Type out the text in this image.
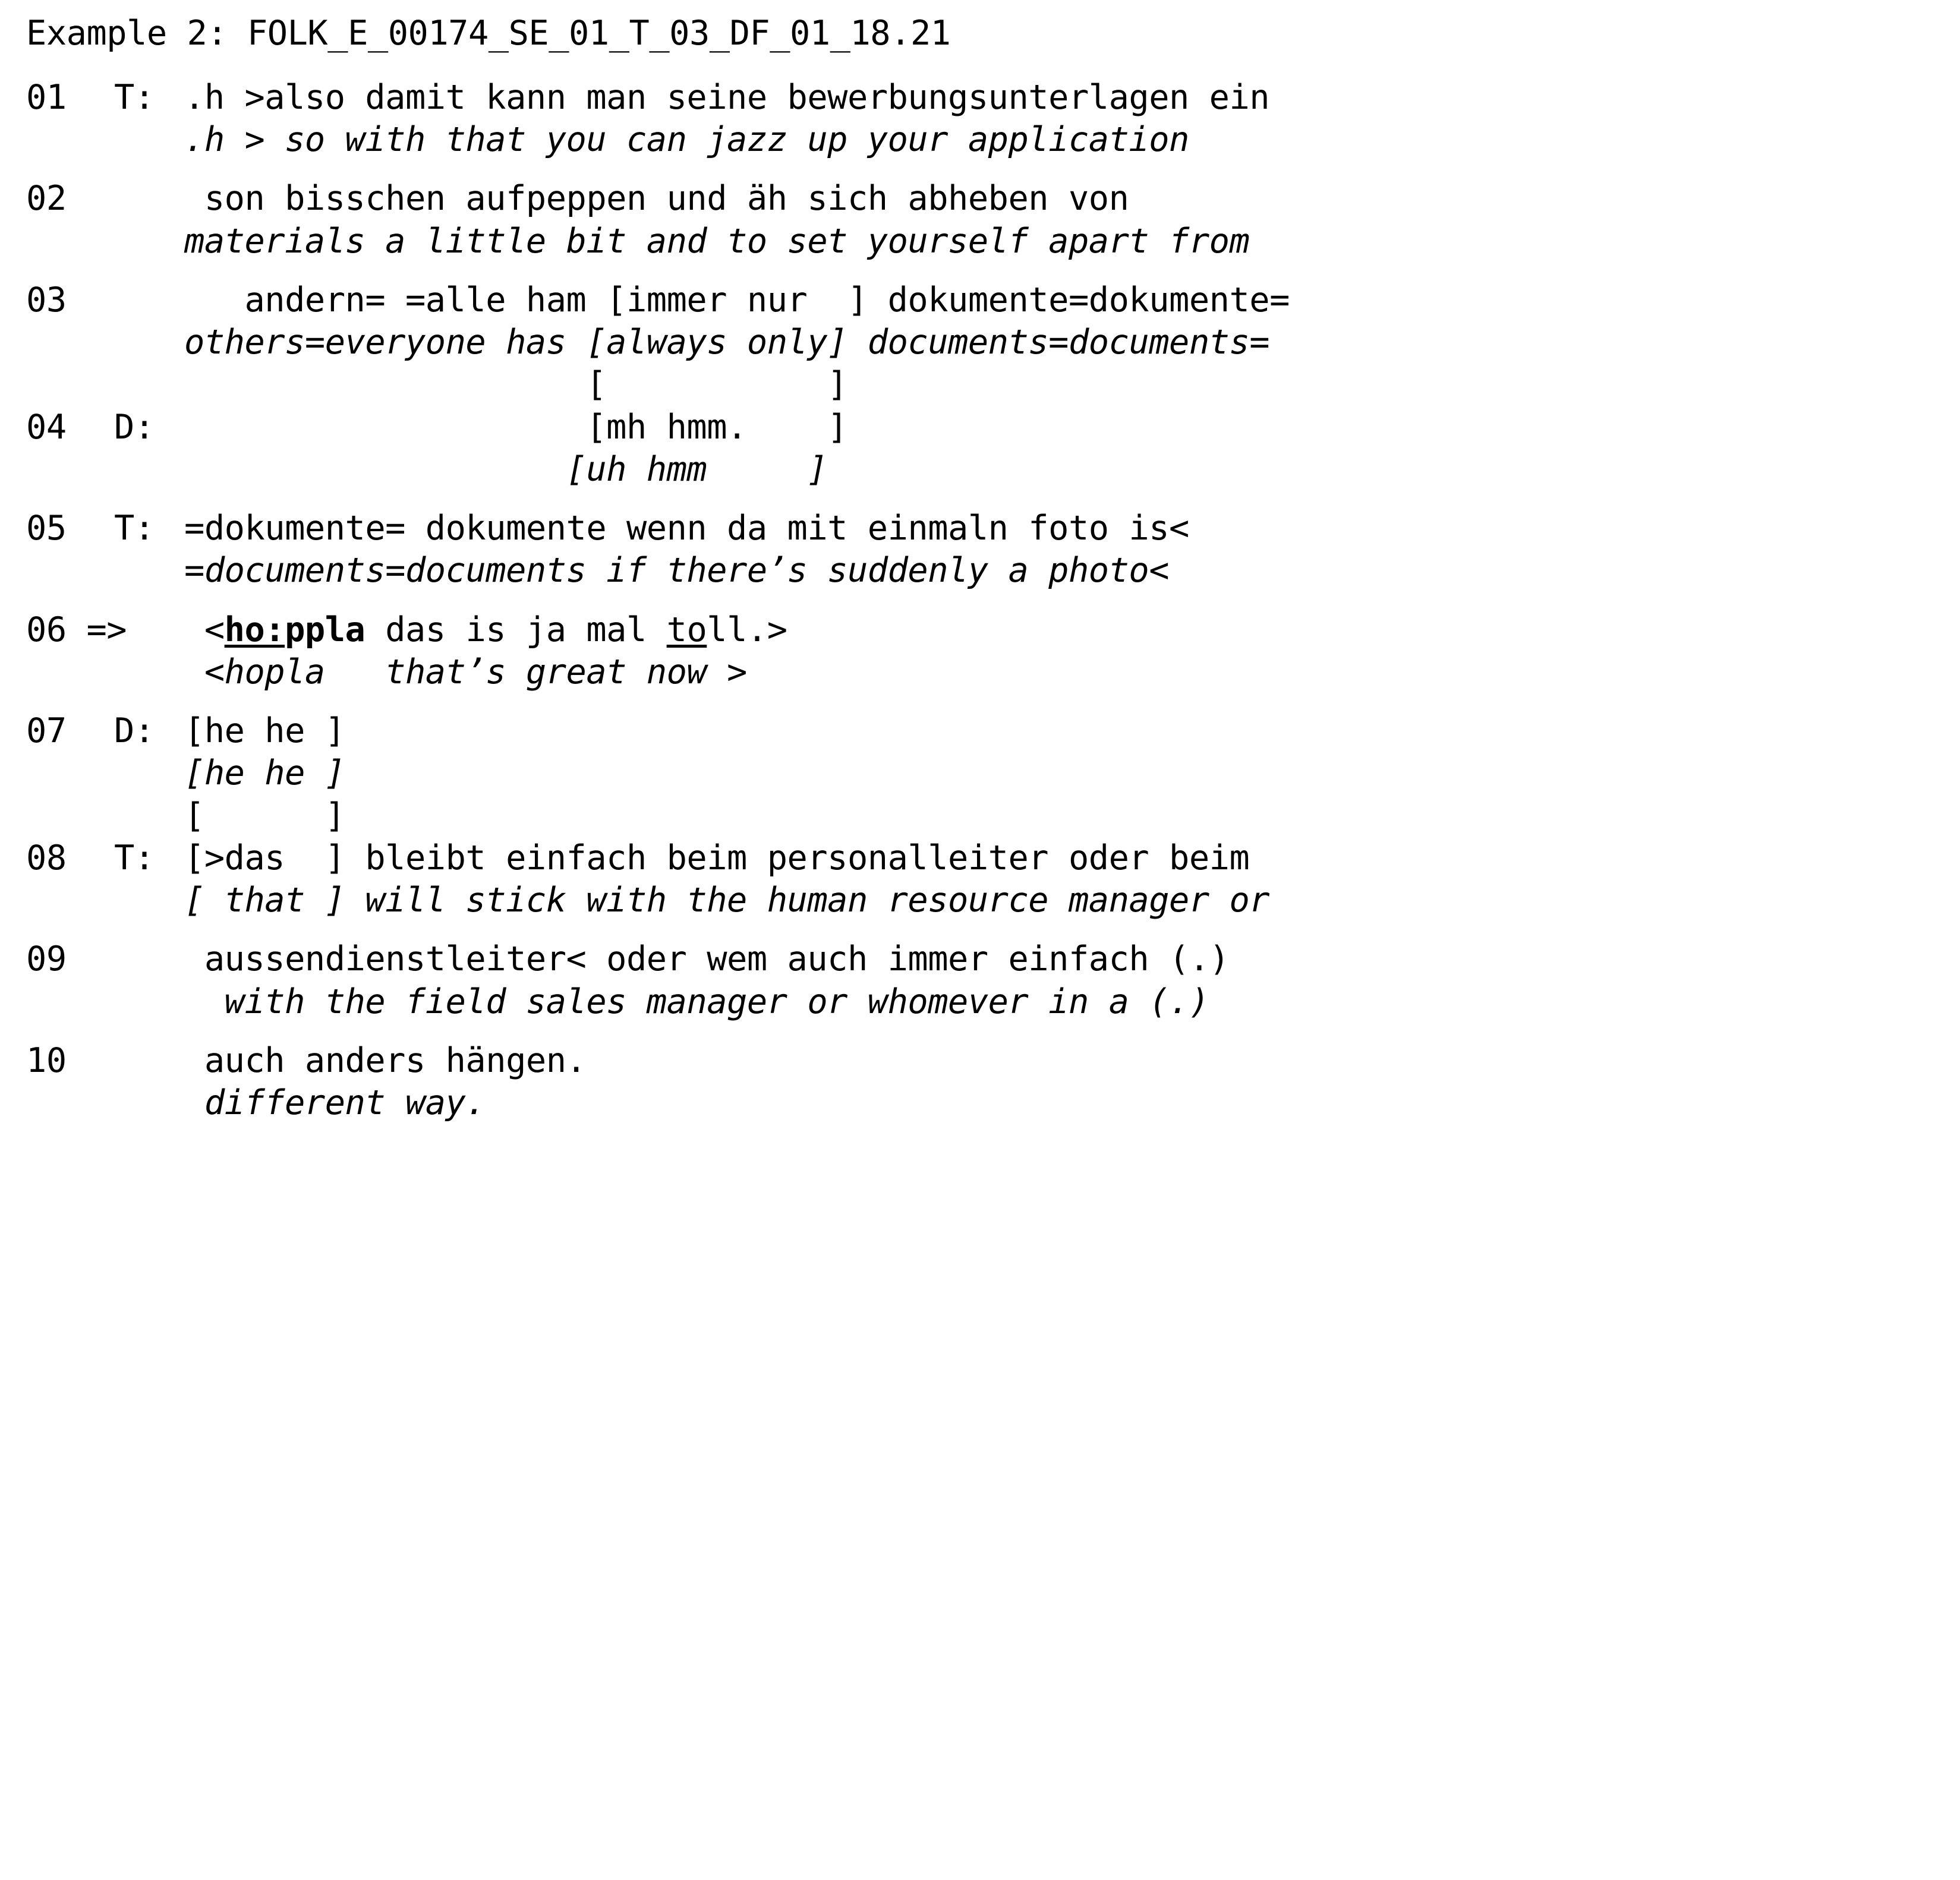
Example 2: FOLK_E_00174_SE_01_T_03_DF_01_18.21
01	T: .h >also damit kann man seine bewerbungsunterlagen ein
.h > so with that you can jazz up your application
02	son bisschen aufpeppen und äh sich abheben von
materials a little bit and to set yourself apart from
03	andern= =alle ham [immer nur  ] dokumente=dokumente=
others=everyone has [always only] documents=documents=
[           ]
04	D: [mh hmm.    ]
[uh hmm     ]
05	T: =dokumente= dokumente wenn da mit einmaln foto is<
=documents=documents if there’s suddenly a photo<
06 => <ho:ppla das is ja mal toll.>
<hopla   that’s great now >
07	D: [he he ]
[he he ]
[      ]
08	T: [>das  ] bleibt einfach beim personalleiter oder beim
[ that ] will stick with the human resource manager or
09	aussendienstleiter< oder wem auch immer einfach (.)
with the field sales manager or whomever in a (.)
10	auch anders hängen.
different way.
